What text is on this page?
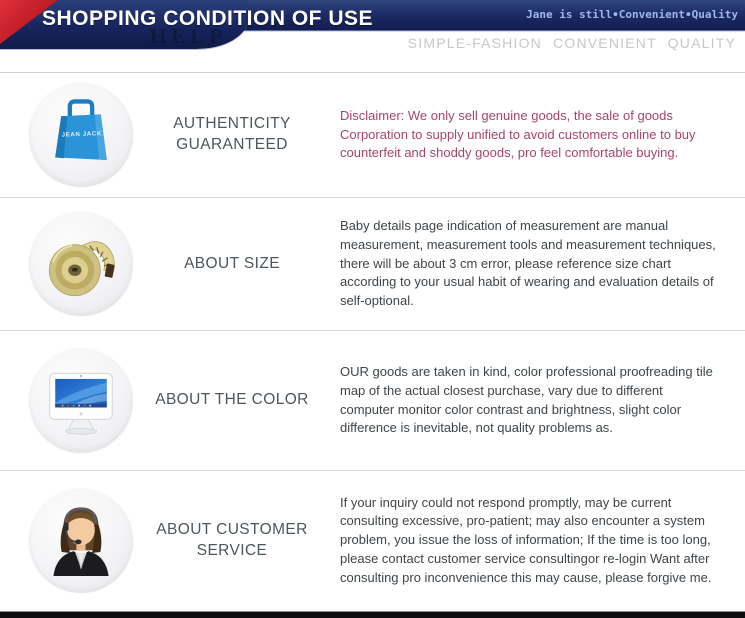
HELP
SHOPPING CONDITION OF USE	Jane is still∙Convenient∙Quality
SIMPLE-FASHION CONVENIENT QUALITY
JEAN JACK
AUTHENTICITY GUARANTEED
Disclaimer: We only sell genuine goods, the sale of goods Corporation to supply unified to avoid customers online to buy counterfeit and shoddy goods, pro feel comfortable buying.
ABOUT SIZE
Baby details page indication of measurement are manual measurement, measurement tools and measurement techniques, there will be about 3 cm error, please reference size chart according to your usual habit of wearing and evaluation details of self-optional.
ABOUT THE COLOR
OUR goods are taken in kind, color professional proofreading tile map of the actual closest purchase, vary due to different computer monitor color contrast and brightness, slight color difference is inevitable, not quality problems as.
ABOUT CUSTOMER SERVICE
If your inquiry could not respond promptly, may be current consulting excessive, pro-patient; may also encounter a system problem, you issue the loss of information; If the time is too long, please contact customer service consultingor re-login Want after consulting pro inconvenience this may cause, please forgive me.
